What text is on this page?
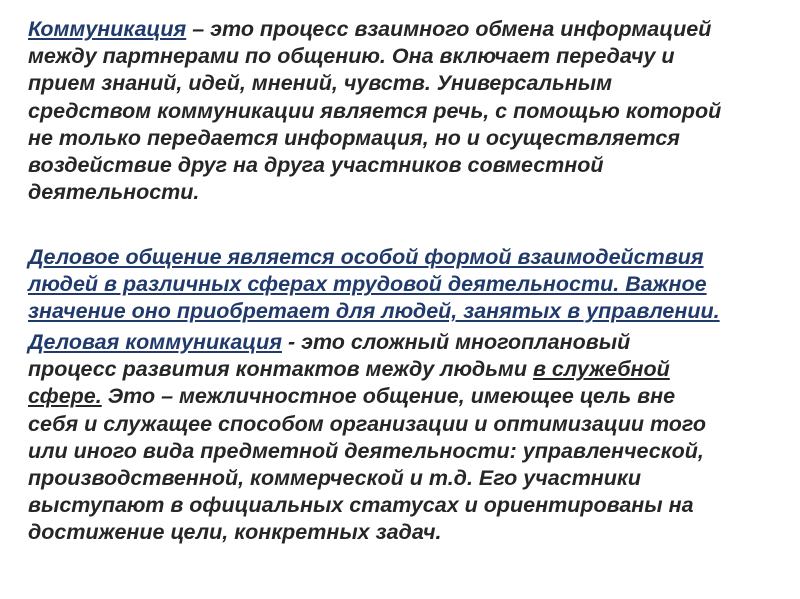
Коммуникация – это процесс взаимного обмена информацией
между партнерами по общению. Она включает передачу и
прием знаний, идей, мнений, чувств. Универсальным
средством коммуникации является речь, с помощью которой
не только передается информация, но и осуществляется
воздействие друг на друга участников совместной
деятельности.
Деловое общение является особой формой взаимодействия
людей в различных сферах трудовой деятельности. Важное
значение оно приобретает для людей, занятых в управлении.
Деловая коммуникация - это сложный многоплановый
процесс развития контактов между людьми в служебной
сфере. Это – межличностное общение, имеющее цель вне
себя и служащее способом организации и оптимизации того
или иного вида предметной деятельности: управленческой,
производственной, коммерческой и т.д. Его участники
выступают в официальных статусах и ориентированы на
достижение цели, конкретных задач.
